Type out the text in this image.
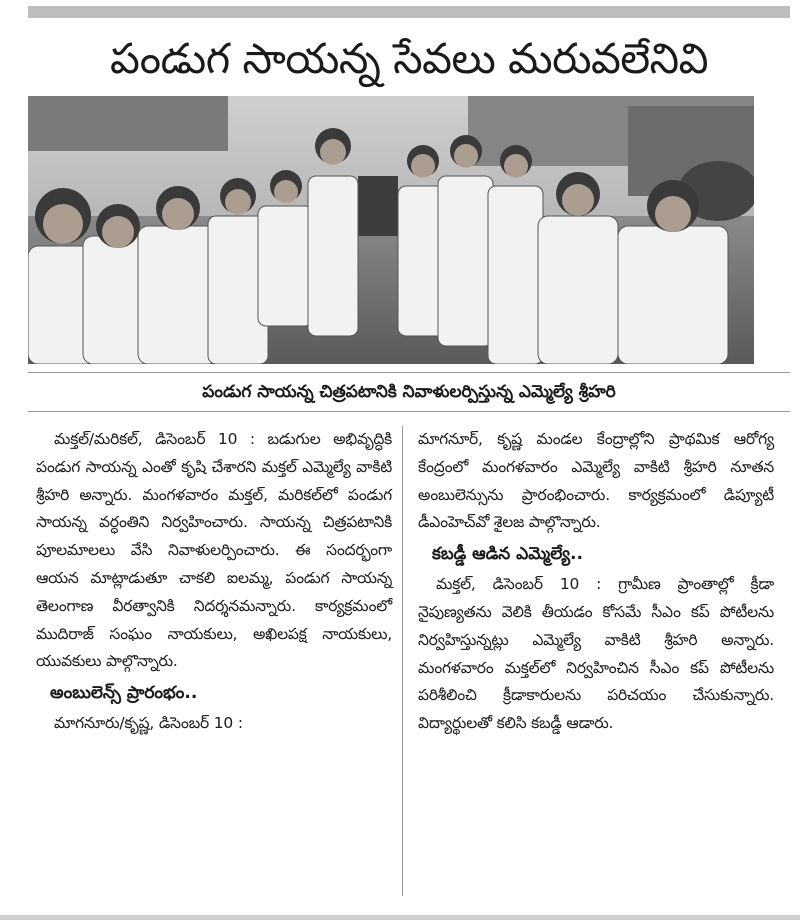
పండుగ సాయన్న సేవలు మరువలేనివి
పండుగ సాయన్న చిత్రపటానికి నివాళులర్పిస్తున్న ఎమ్మెల్యే శ్రీహరి

మక్తల్‌/మరికల్‌, డిసెంబర్‌ 10 : బడుగుల అభివృద్ధికి పండుగ సాయన్న ఎంతో కృషి చేశారని మక్తల్‌ ఎమ్మెల్యే వాకిటి శ్రీహరి అన్నారు. మంగళవారం మక్తల్‌, మరికల్‌లో పండుగ సాయన్న వర్ధంతిని నిర్వహించారు. సాయన్న చిత్రపటానికి పూలమాలలు వేసి నివాళులర్పించారు. ఈ సందర్భంగా ఆయన మాట్లాడుతూ చాకలి ఐలమ్మ, పండుగ సాయన్న తెలంగాణ వీరత్వానికి నిదర్శనమన్నారు. కార్యక్రమంలో ముదిరాజ్‌ సంఘం నాయకులు, అఖిలపక్ష నాయకులు, యువకులు పాల్గొన్నారు.

అంబులెన్స్‌ ప్రారంభం..

మాగనూరు/కృష్ణ, డిసెంబర్‌ 10 :

మాగనూర్‌, కృష్ణ మండల కేంద్రాల్లోని ప్రాథమిక ఆరోగ్య కేంద్రంలో మంగళవారం ఎమ్మెల్యే వాకిటి శ్రీహరి నూతన అంబులెన్సును ప్రారంభించారు. కార్యక్రమంలో డిప్యూటీ డీఎంహెచ్‌వో శైలజ పాల్గొన్నారు.

కబడ్డీ ఆడిన ఎమ్మెల్యే..

మక్తల్‌, డిసెంబర్‌ 10 : గ్రామీణ ప్రాంతాల్లో క్రీడా నైపుణ్యతను వెలికి తీయడం కోసమే సీఎం కప్‌ పోటీలను నిర్వహిస్తున్నట్లు ఎమ్మెల్యే వాకిటి శ్రీహరి అన్నారు. మంగళవారం మక్తల్‌లో నిర్వహించిన సీఎం కప్‌ పోటీలను పరిశీలించి క్రీడాకారులను పరిచయం చేసుకున్నారు. విద్యార్థులతో కలిసి కబడ్డీ ఆడారు.
